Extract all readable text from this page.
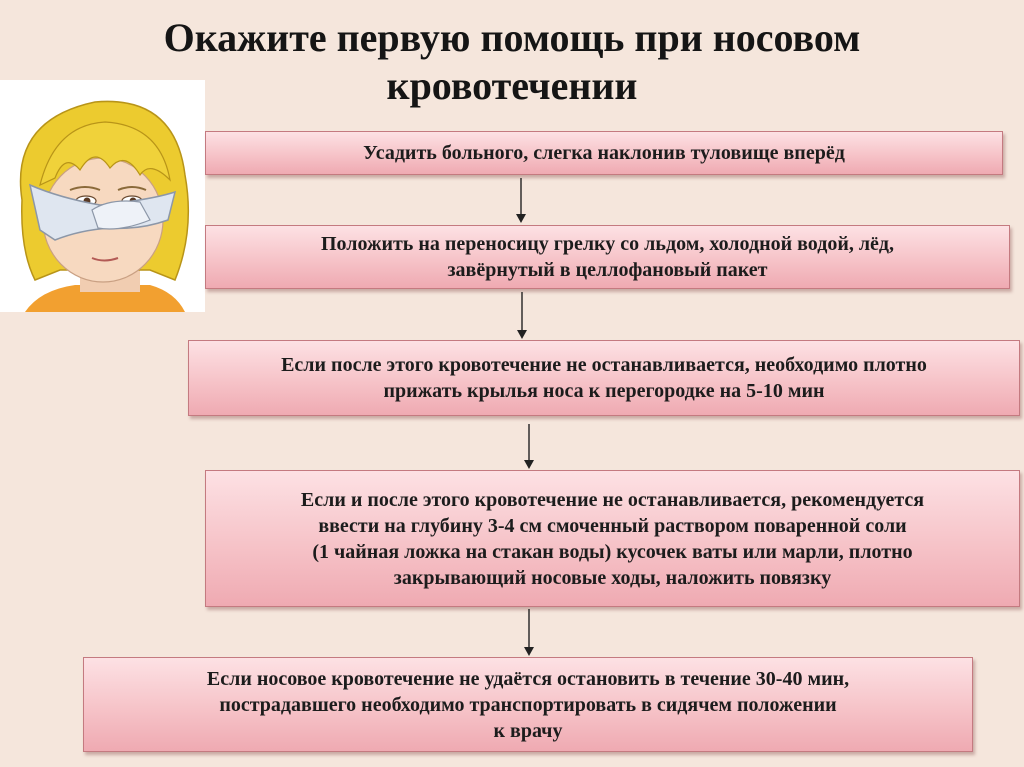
Окажите первую помощь при носовом
кровотечении
Усадить больного, слегка наклонив туловище вперёд
Положить на переносицу грелку со льдом, холодной водой, лёд,
завёрнутый в целлофановый пакет
Если после этого кровотечение не останавливается, необходимо плотно
прижать крылья носа к перегородке на 5-10 мин
Если и после этого кровотечение не останавливается, рекомендуется
ввести на глубину 3-4 см смоченный раствором поваренной соли
(1 чайная ложка на стакан воды) кусочек ваты или марли, плотно
закрывающий носовые ходы, наложить повязку
Если носовое кровотечение не удаётся остановить в течение 30-40 мин,
пострадавшего необходимо транспортировать в сидячем положении
к врачу
